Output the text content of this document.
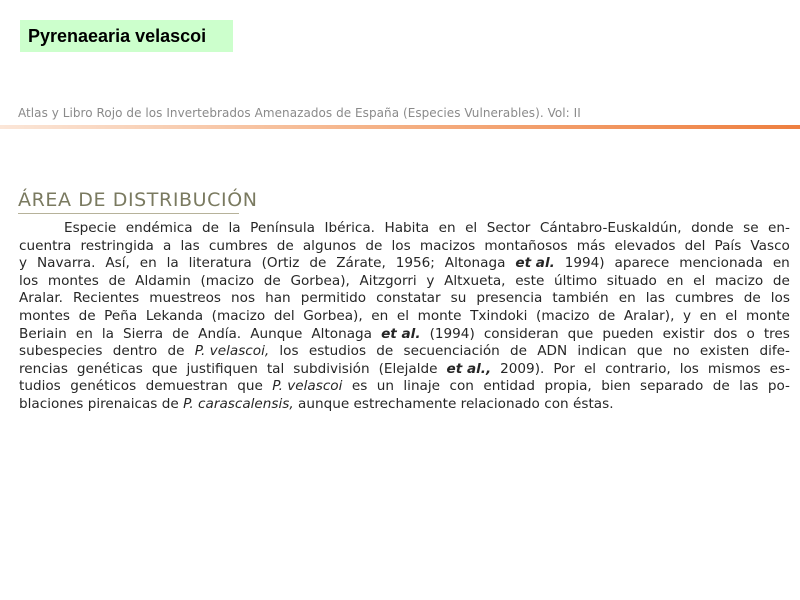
Pyrenaearia velascoi
Atlas y Libro Rojo de los Invertebrados Amenazados de España (Especies Vulnerables). Vol: II
ÁREA DE DISTRIBUCIÓN
Especie endémica de la Península Ibérica. Habita en el Sector Cántabro-Euskaldún, donde se en-
cuentra restringida a las cumbres de algunos de los macizos montañosos más elevados del País Vasco
y Navarra. Así, en la literatura (Ortiz de Zárate, 1956; Altonaga et al. 1994) aparece mencionada en
los montes de Aldamin (macizo de Gorbea), Aitzgorri y Altxueta, este último situado en el macizo de
Aralar. Recientes muestreos nos han permitido constatar su presencia también en las cumbres de los
montes de Peña Lekanda (macizo del Gorbea), en el monte Txindoki (macizo de Aralar), y en el monte
Beriain en la Sierra de Andía. Aunque Altonaga et al. (1994) consideran que pueden existir dos o tres
subespecies dentro de P. velascoi, los estudios de secuenciación de ADN indican que no existen dife-
rencias genéticas que justifiquen tal subdivisión (Elejalde et al., 2009). Por el contrario, los mismos es-
tudios genéticos demuestran que P. velascoi es un linaje con entidad propia, bien separado de las po-
blaciones pirenaicas de P. carascalensis, aunque estrechamente relacionado con éstas.
